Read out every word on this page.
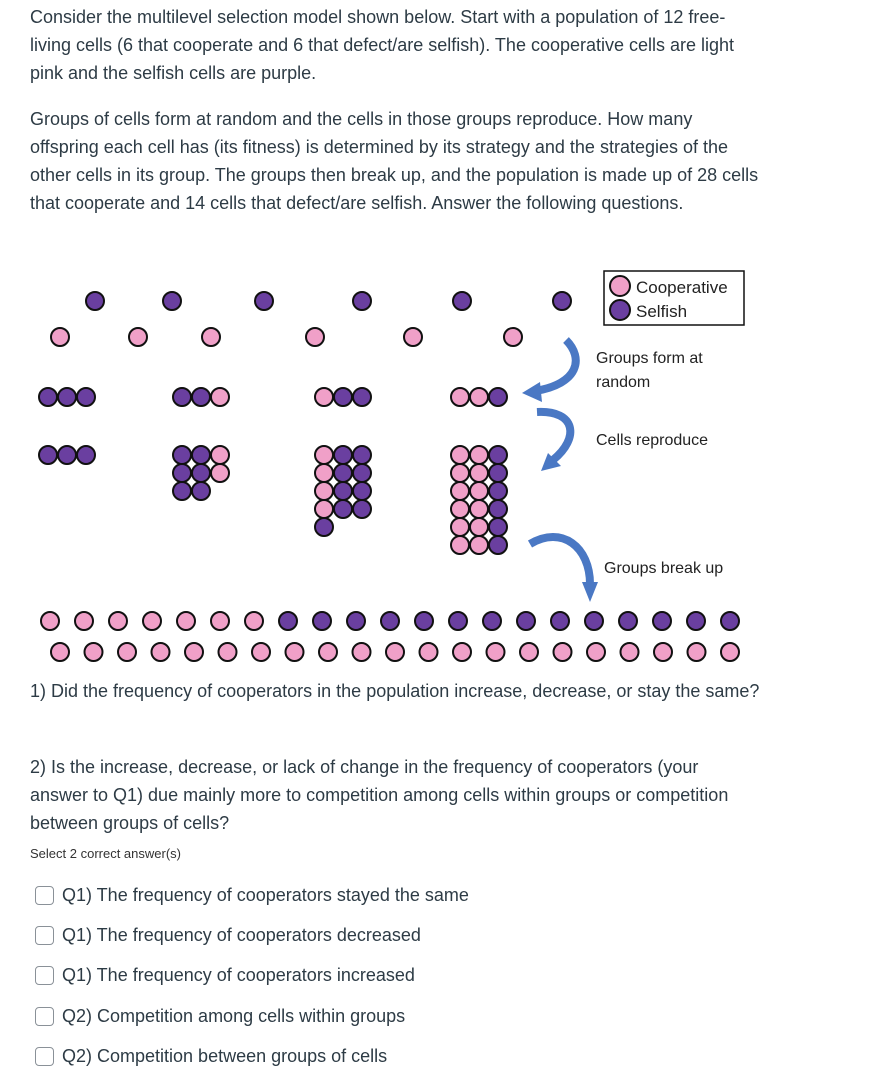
Consider the multilevel selection model shown below. Start with a population of 12 free-living cells (6 that cooperate and 6 that defect/are selfish). The cooperative cells are light pink and the selfish cells are purple.

Groups of cells form at random and the cells in those groups reproduce. How many offspring each cell has (its fitness) is determined by its strategy and the strategies of the other cells in its group. The groups then break up, and the population is made up of 28 cells that cooperate and 14 cells that defect/are selfish. Answer the following questions.

Cooperative
Selfish
Groups form at
random
Cells reproduce
Groups break up

1) Did the frequency of cooperators in the population increase, decrease, or stay the same?

2) Is the increase, decrease, or lack of change in the frequency of cooperators (your answer to Q1) due mainly more to competition among cells within groups or competition between groups of cells?

Select 2 correct answer(s)
Q1) The frequency of cooperators stayed the same
Q1) The frequency of cooperators decreased
Q1) The frequency of cooperators increased
Q2) Competition among cells within groups
Q2) Competition between groups of cells
